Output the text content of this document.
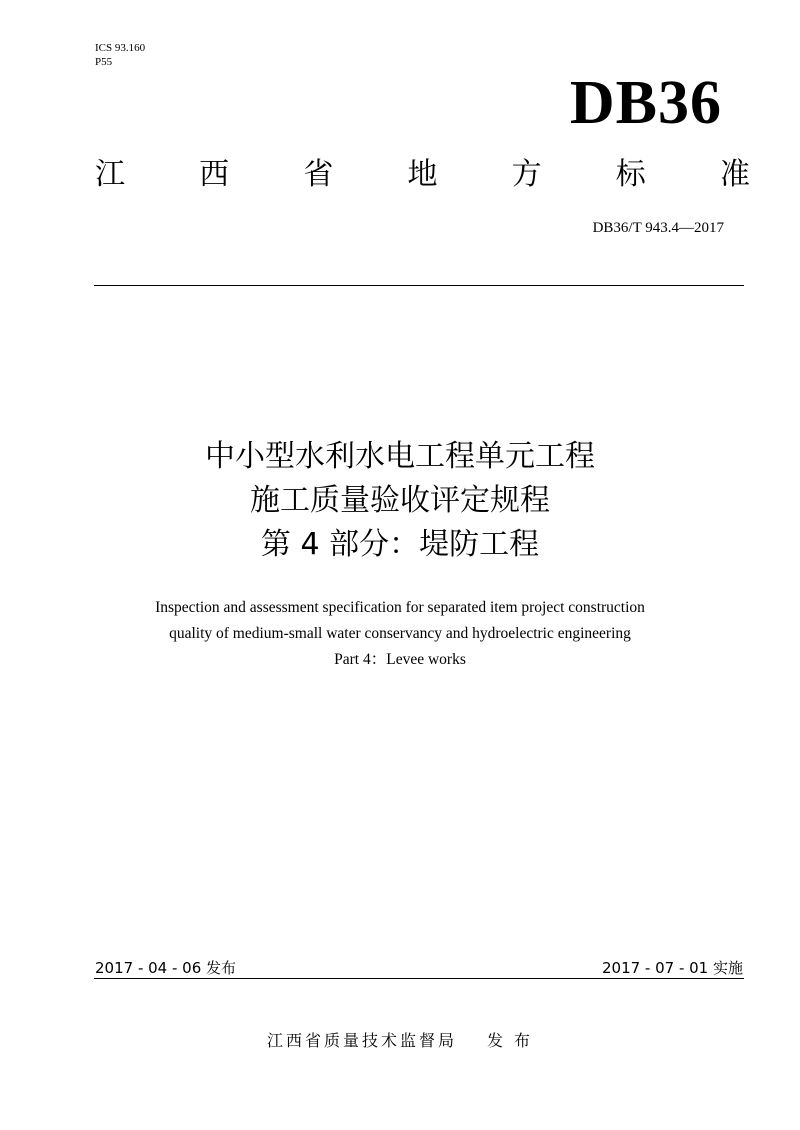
ICS 93.160
P55
DB36
江 西 省 地 方 标 准
DB36/T 943.4—2017
中小型水利水电工程单元工程
施工质量验收评定规程
第 4 部分：堤防工程
Inspection and assessment specification for separated item project construction
quality of medium-small water conservancy and hydroelectric engineering
Part 4：Levee works
2017 - 04 - 06 发布	2017 - 07 - 01 实施
江西省质量技术监督局 发 布
